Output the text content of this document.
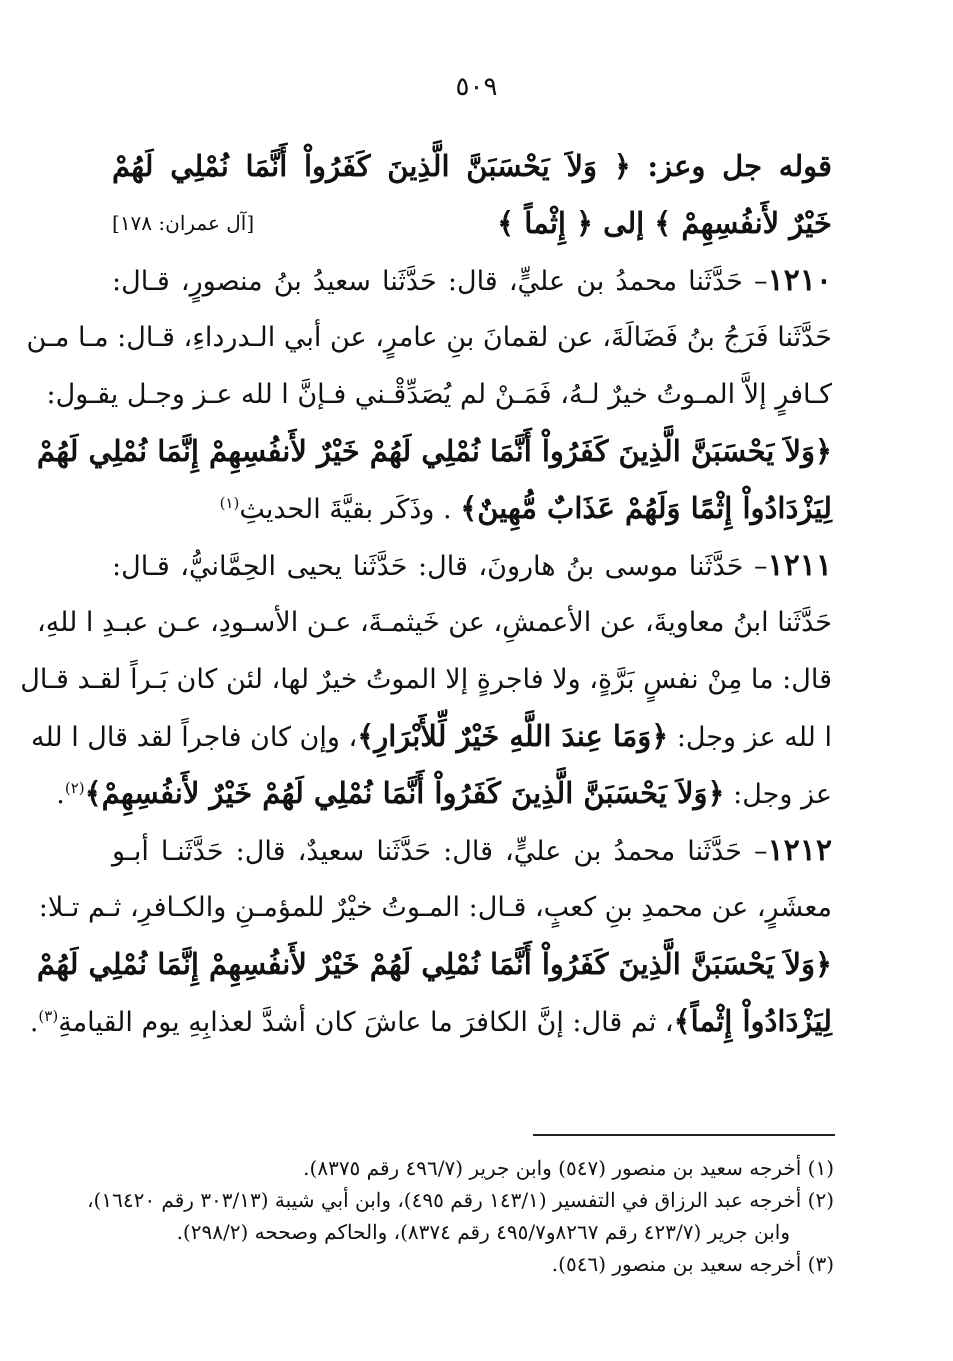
٥٠٩
قوله جل وعز: ﴿ وَلاَ يَحْسَبَنَّ الَّذِينَ كَفَرُواْ أَنَّمَا نُمْلِي لَهُمْ
خَيْرٌ لأَنفُسِهِمْ ﴾ إلى ﴿ إِثْماً ﴾
[آل عمران: ١٧٨]
١٢١٠– حَدَّثَنا محمدُ بن عليٍّ، قال: حَدَّثَنا سعيدُ بنُ منصورٍ، قـال:
حَدَّثَنا فَرَجُ بنُ فَضَالَةَ، عن لقمانَ بنِ عامرٍ، عن أبي الـدرداءِ، قـال: مـا مـن
كـافرٍ إلاَّ المـوتُ خيرٌ لـهُ، فَمَـنْ لم يُصَدِّقْـني فـإنَّ ا لله عـز وجـل يقـول:
﴿وَلاَ يَحْسَبَنَّ الَّذِينَ كَفَرُواْ أَنَّمَا نُمْلِي لَهُمْ خَيْرٌ لأَنفُسِهِمْ إِنَّمَا نُمْلِي لَهُمْ
لِيَزْدَادُواْ إِثْمًا وَلَهُمْ عَذَابٌ مُّهِينٌ﴾ . وذَكَر بقيَّةَ الحديثِ$^{(١)}$
١٢١١– حَدَّثَنا موسى بنُ هارونَ، قال: حَدَّثَنا يحيى الحِمَّانيُّ، قـال:
حَدَّثَنا ابنُ معاويةَ، عن الأعمشِ، عن خَيثمـةَ، عـن الأسـودِ، عـن عبـدِ ا للهِ،
قال: ما مِنْ نفسٍ بَرَّةٍ، ولا فاجرةٍ إلا الموتُ خيرٌ لها، لئن كان بَـراً لقـد قـال
ا لله عز وجل: ﴿وَمَا عِندَ اللَّهِ خَيْرٌ لِّلأَبْرَارِ﴾، وإن كان فاجراً لقد قال ا لله
عز وجل: ﴿وَلاَ يَحْسَبَنَّ الَّذِينَ كَفَرُواْ أَنَّمَا نُمْلِي لَهُمْ خَيْرٌ لأَنفُسِهِمْ﴾$^{(٢)}$.
١٢١٢– حَدَّثَنا محمدُ بن عليٍّ، قال: حَدَّثَنا سعيدٌ، قال: حَدَّثَنـا أبـو
معشَرٍ، عن محمدِ بنِ كعبٍ، قـال: المـوتُ خيْرٌ للمؤمـنِ والكـافرِ، ثـم تـلا:
﴿وَلاَ يَحْسَبَنَّ الَّذِينَ كَفَرُواْ أَنَّمَا نُمْلِي لَهُمْ خَيْرٌ لأَنفُسِهِمْ إِنَّمَا نُمْلِي لَهُمْ
لِيَزْدَادُواْ إِثْماً﴾، ثم قال: إنَّ الكافرَ ما عاشَ كان أشدَّ لعذابِهِ يوم القيامةِ$^{(٣)}$.
(١) أخرجه سعيد بن منصور (٥٤٧) وابن جرير (٤٩٦/٧ رقم ٨٣٧٥).
(٢) أخرجه عبد الرزاق في التفسير (١٤٣/١ رقم ٤٩٥)، وابن أبي شيبة (٣٠٣/١٣ رقم ١٦٤٢٠)،
وابن جرير (٤٢٣/٧ رقم ٨٢٦٧و٤٩٥/٧ رقم ٨٣٧٤)، والحاكم وصححه (٢٩٨/٢).
(٣) أخرجه سعيد بن منصور (٥٤٦).
